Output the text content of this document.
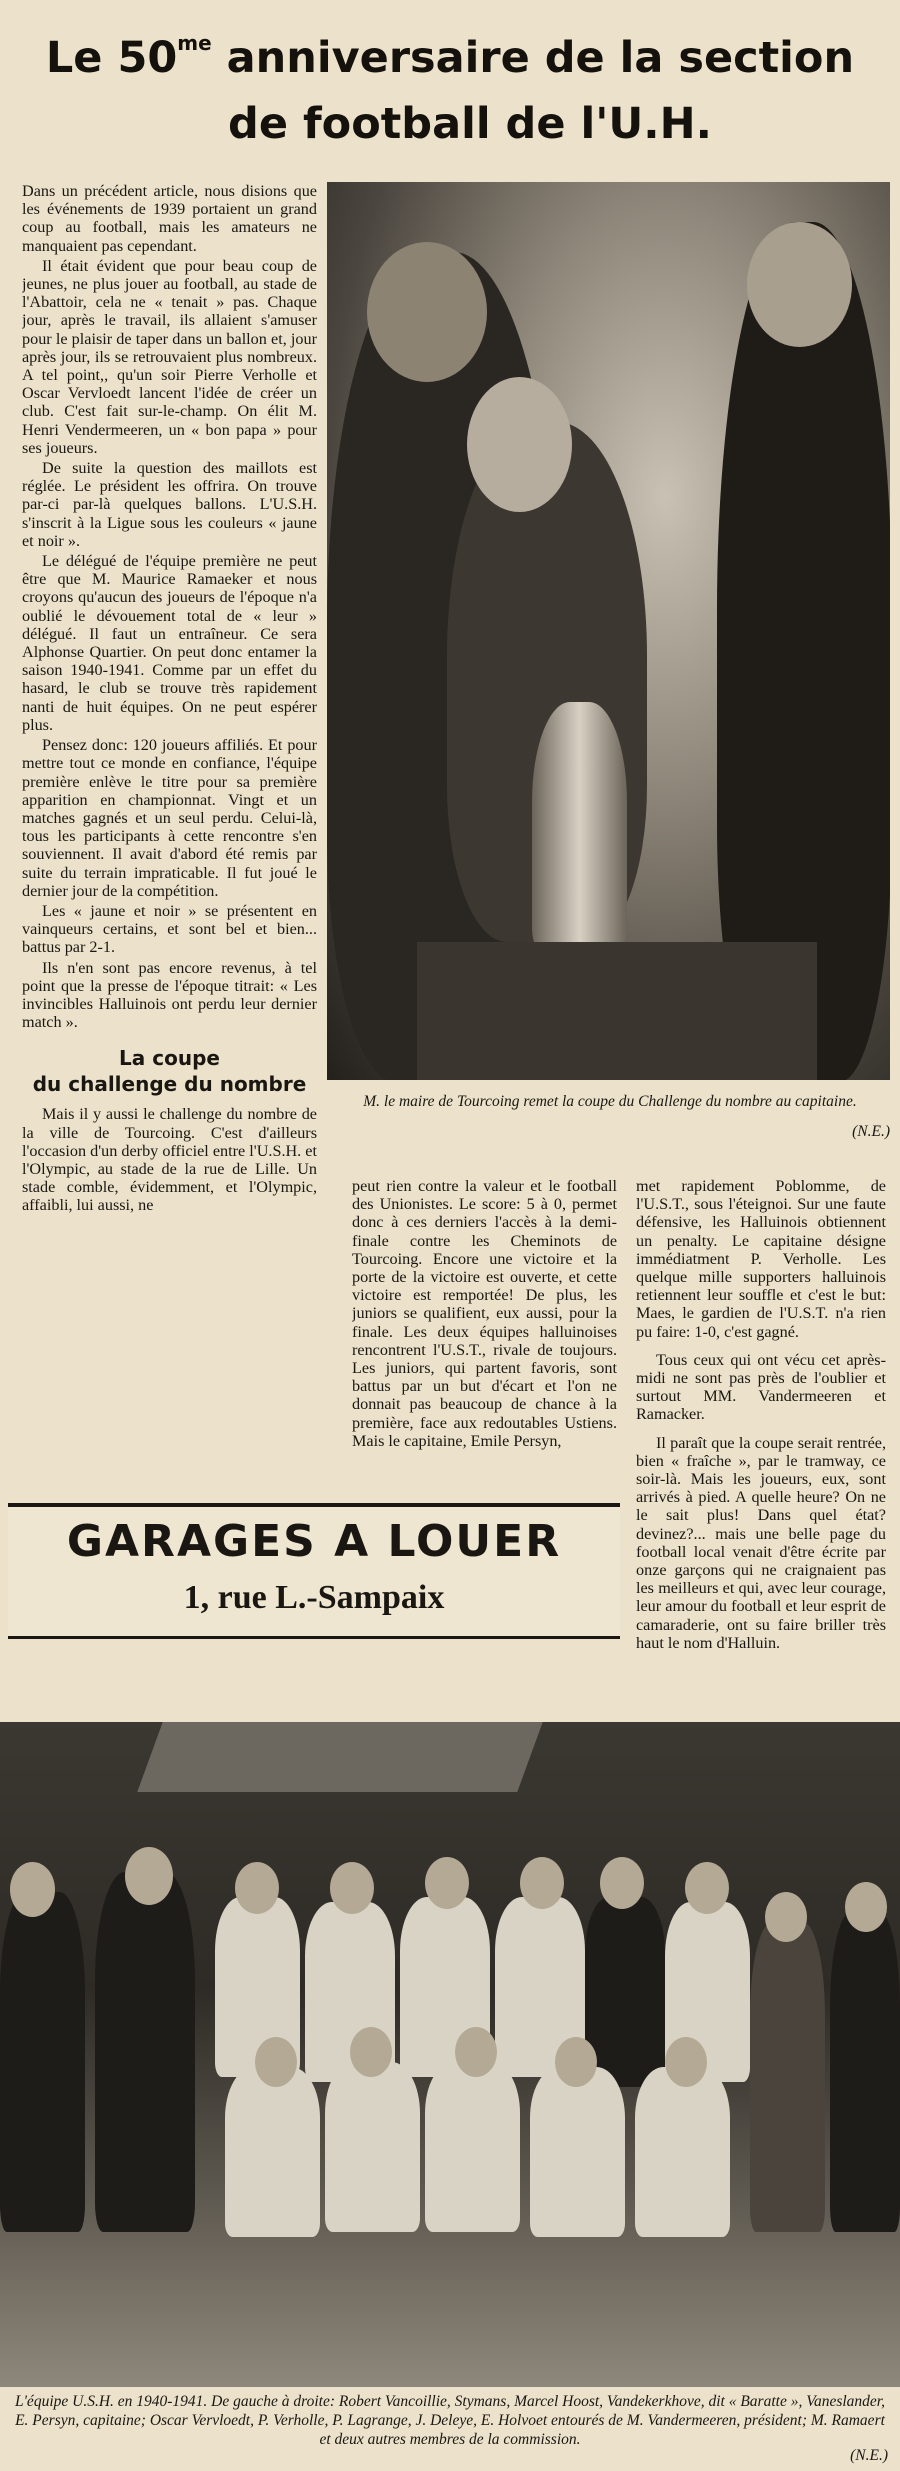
Le $50^{me}$ anniversaire de la section
de football de l'U.H.

Dans un précédent article, nous disions que les événements de 1939 portaient un grand coup au football, mais les amateurs ne manquaient pas cependant.

Il était évident que pour beau coup de jeunes, ne plus jouer au football, au stade de l'Abattoir, cela ne « tenait » pas. Chaque jour, après le travail, ils allaient s'amuser pour le plaisir de taper dans un ballon et, jour après jour, ils se retrouvaient plus nombreux. A tel point,, qu'un soir Pierre Verholle et Oscar Vervloedt lancent l'idée de créer un club. C'est fait sur-le-champ. On élit M. Henri Vendermeeren, un « bon papa » pour ses joueurs.

De suite la question des maillots est réglée. Le président les offrira. On trouve par-ci par-là quelques ballons. L'U.S.H. s'inscrit à la Ligue sous les couleurs « jaune et noir ».

Le délégué de l'équipe première ne peut être que M. Maurice Ramaeker et nous croyons qu'aucun des joueurs de l'époque n'a oublié le dévouement total de « leur » délégué. Il faut un entraîneur. Ce sera Alphonse Quartier. On peut donc entamer la saison 1940-1941. Comme par un effet du hasard, le club se trouve très rapidement nanti de huit équipes. On ne peut espérer plus.

Pensez donc: 120 joueurs affiliés. Et pour mettre tout ce monde en confiance, l'équipe première enlève le titre pour sa première apparition en championnat. Vingt et un matches gagnés et un seul perdu. Celui-là, tous les participants à cette rencontre s'en souviennent. Il avait d'abord été remis par suite du terrain impraticable. Il fut joué le dernier jour de la compétition.

Les « jaune et noir » se présentent en vainqueurs certains, et sont bel et bien... battus par 2-1.

Ils n'en sont pas encore revenus, à tel point que la presse de l'époque titrait: « Les invincibles Halluinois ont perdu leur dernier match ».

La coupe
du challenge du nombre

Mais il y aussi le challenge du nombre de la ville de Tourcoing. C'est d'ailleurs l'occasion d'un derby officiel entre l'U.S.H. et l'Olympic, au stade de la rue de Lille. Un stade comble, évidemment, et l'Olympic, affaibli, lui aussi, ne

M. le maire de Tourcoing remet la coupe du Challenge du nombre au capitaine.
(N.E.)

peut rien contre la valeur et le football des Unionistes. Le score: 5 à 0, permet donc à ces derniers l'accès à la demi-finale contre les Cheminots de Tourcoing. Encore une victoire et la porte de la victoire est ouverte, et cette victoire est remportée! De plus, les juniors se qualifient, eux aussi, pour la finale. Les deux équipes halluinoises rencontrent l'U.S.T., rivale de toujours. Les juniors, qui partent favoris, sont battus par un but d'écart et l'on ne donnait pas beaucoup de chance à la première, face aux redoutables Ustiens. Mais le capitaine, Emile Persyn,

met rapidement Poblomme, de l'U.S.T., sous l'éteignoi. Sur une faute défensive, les Halluinois obtiennent un penalty. Le capitaine désigne immédiatment P. Verholle. Les quelque mille supporters halluinois retiennent leur souffle et c'est le but: Maes, le gardien de l'U.S.T. n'a rien pu faire: 1-0, c'est gagné.

Tous ceux qui ont vécu cet après-midi ne sont pas près de l'oublier et surtout MM. Vandermeeren et Ramacker.

Il paraît que la coupe serait rentrée, bien « fraîche », par le tramway, ce soir-là. Mais les joueurs, eux, sont arrivés à pied. A quelle heure? On ne le sait plus! Dans quel état? devinez?... mais une belle page du football local venait d'être écrite par onze garçons qui ne craignaient pas les meilleurs et qui, avec leur courage, leur amour du football et leur esprit de camaraderie, ont su faire briller très haut le nom d'Halluin.

GARAGES A LOUER
1, rue L.-Sampaix
L'équipe U.S.H. en 1940-1941. De gauche à droite: Robert Vancoillie, Stymans, Marcel Hoost, Vandekerkhove, dit « Baratte », Vaneslander, E. Persyn, capitaine; Oscar Vervloedt, P. Verholle, P. Lagrange, J. Deleye, E. Holvoet entourés de M. Vandermeeren, président; M. Ramaert et deux autres membres de la commission.
(N.E.)
